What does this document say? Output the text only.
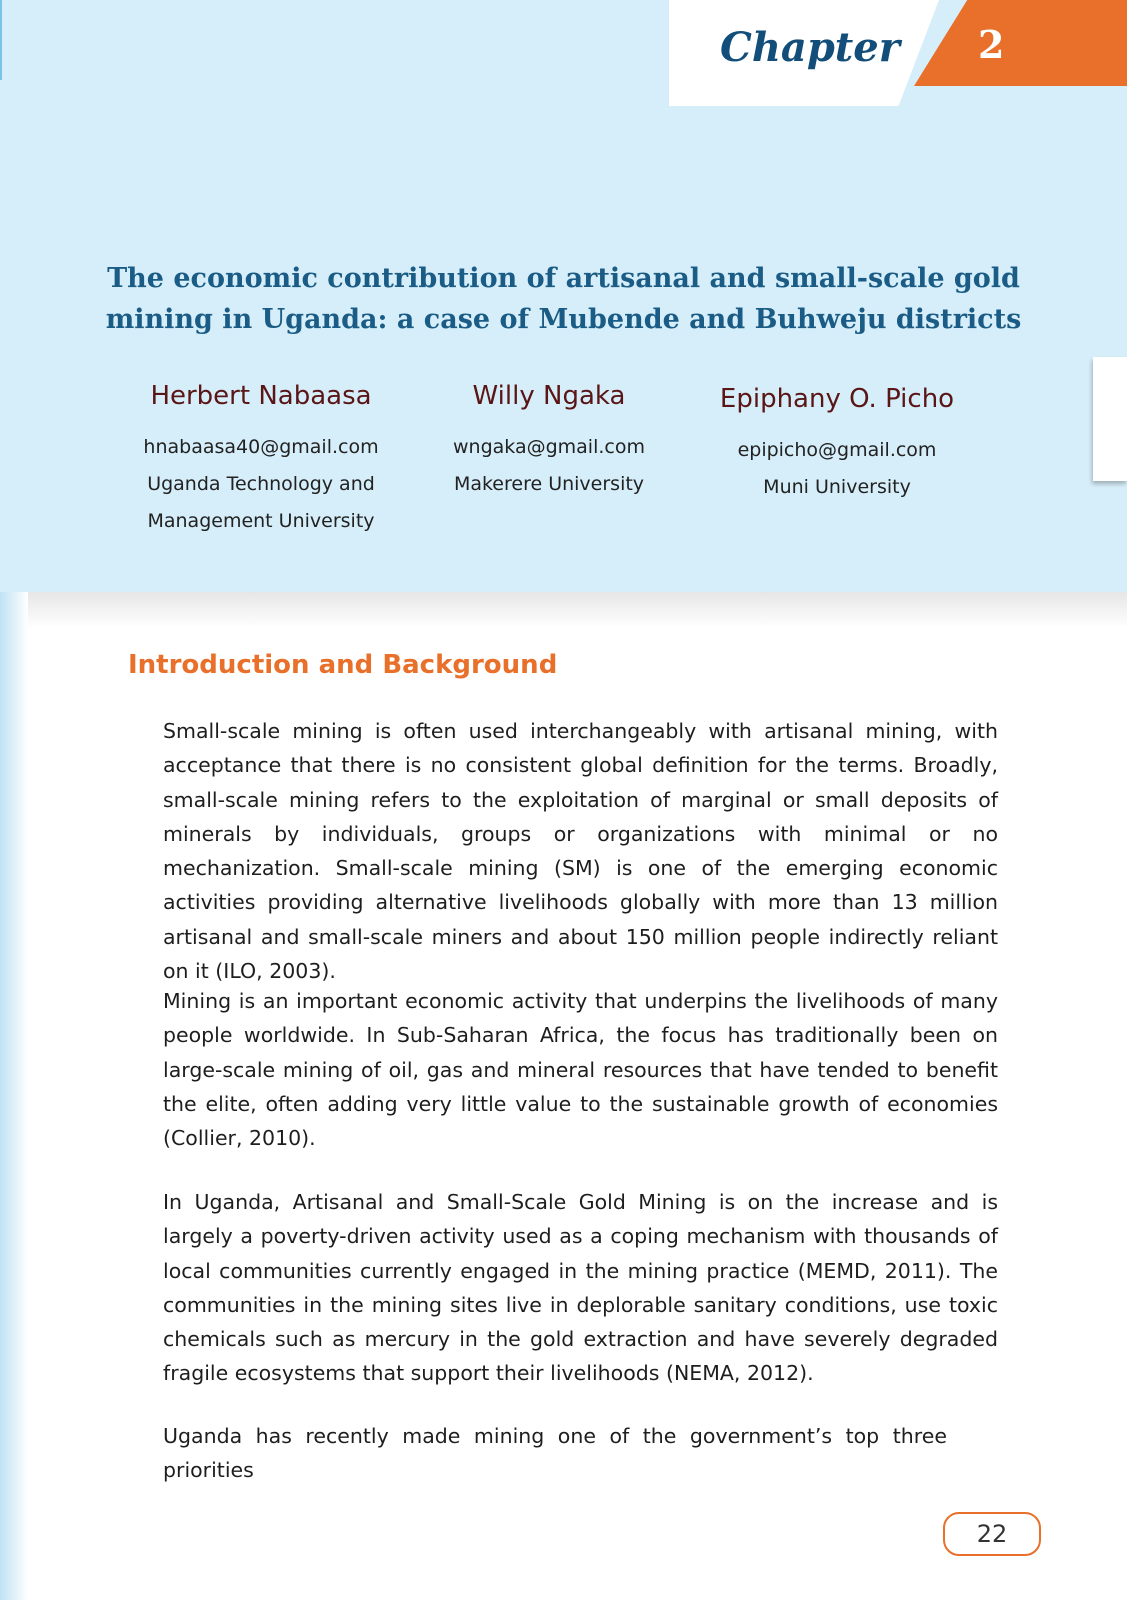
Chapter 2
The economic contribution of artisanal and small-scale gold mining in Uganda: a case of Mubende and Buhweju districts
Herbert Nabaasa
hnabaasa40@gmail.com
Uganda Technology and
Management University
Willy Ngaka
wngaka@gmail.com
Makerere University
Epiphany O. Picho
epipicho@gmail.com
Muni University
Introduction and Background

Small-scale mining is often used interchangeably with artisanal mining, with acceptance that there is no consistent global definition for the terms. Broadly, small-scale mining refers to the exploitation of marginal or small deposits of minerals by individuals, groups or organizations with minimal or no mechanization. Small-scale mining (SM) is one of the emerging economic activities providing alternative livelihoods globally with more than 13 million artisanal and small-scale miners and about 150 million people indirectly reliant on it (ILO, 2003).

Mining is an important economic activity that underpins the livelihoods of many people worldwide. In Sub-Saharan Africa, the focus has traditionally been on large-scale mining of oil, gas and mineral resources that have tended to benefit the elite, often adding very little value to the sustainable growth of economies (Collier, 2010).

In Uganda, Artisanal and Small-Scale Gold Mining is on the increase and is largely a poverty-driven activity used as a coping mechanism with thousands of local communities currently engaged in the mining practice (MEMD, 2011). The communities in the mining sites live in deplorable sanitary conditions, use toxic chemicals such as mercury in the gold extraction and have severely degraded fragile ecosystems that support their livelihoods (NEMA, 2012).

Uganda has recently made mining one of the government’s top three priorities

22
